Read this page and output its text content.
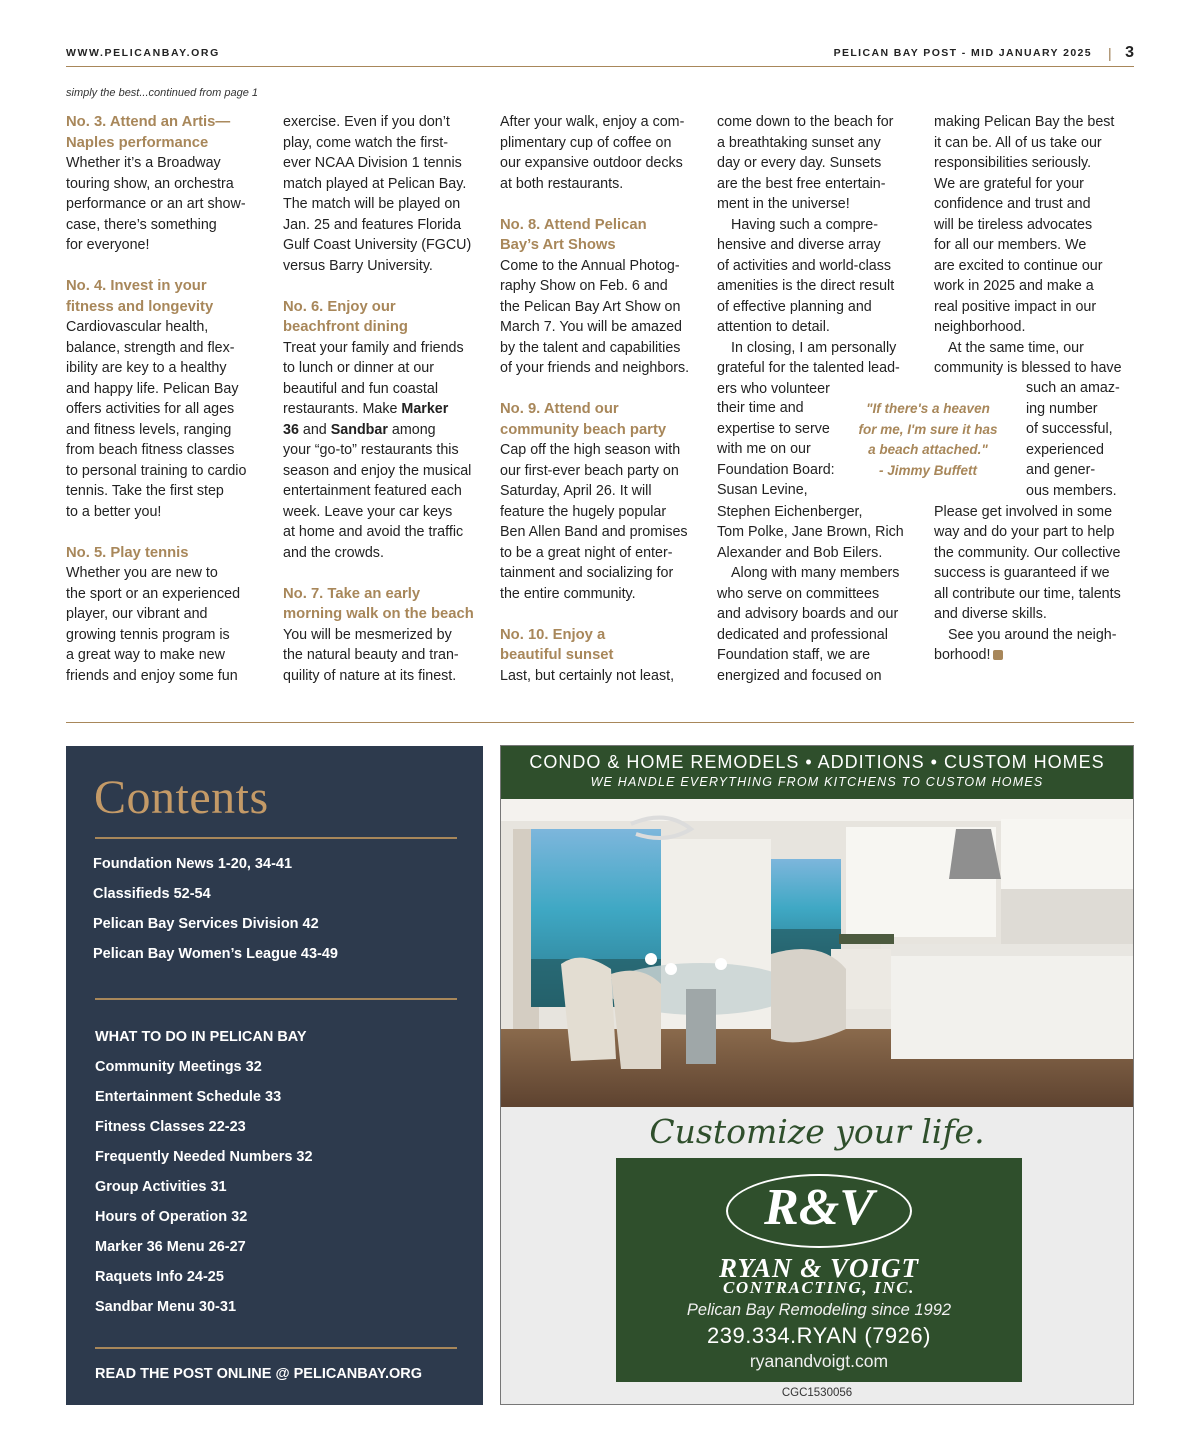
WWW.PELICANBAY.ORG	PELICAN BAY POST - MID JANUARY 2025 | 3
simply the best...continued from page 1
No. 3. Attend an Artis—
Naples performance

Whether it’s a Broadway
touring show, an orchestra
performance or an art show-
case, there’s something
for everyone!

No. 4. Invest in your
fitness and longevity

Cardiovascular health,
balance, strength and flex-
ibility are key to a healthy
and happy life. Pelican Bay
offers activities for all ages
and fitness levels, ranging
from beach fitness classes
to personal training to cardio
tennis. Take the first step
to a better you!

No. 5. Play tennis

Whether you are new to
the sport or an experienced
player, our vibrant and
growing tennis program is
a great way to make new
friends and enjoy some fun

exercise. Even if you don’t
play, come watch the first-
ever NCAA Division 1 tennis
match played at Pelican Bay.
The match will be played on
Jan. 25 and features Florida
Gulf Coast University (FGCU)
versus Barry University.

No. 6. Enjoy our
beachfront dining

Treat your family and friends
to lunch or dinner at our
beautiful and fun coastal
restaurants. Make Marker
36 and Sandbar among
your “go-to” restaurants this
season and enjoy the musical
entertainment featured each
week. Leave your car keys
at home and avoid the traffic
and the crowds.

No. 7. Take an early
morning walk on the beach

You will be mesmerized by
the natural beauty and tran-
quility of nature at its finest.

After your walk, enjoy a com-
plimentary cup of coffee on
our expansive outdoor decks
at both restaurants.

No. 8. Attend Pelican
Bay’s Art Shows

Come to the Annual Photog-
raphy Show on Feb. 6 and
the Pelican Bay Art Show on
March 7. You will be amazed
by the talent and capabilities
of your friends and neighbors.

No. 9. Attend our
community beach party

Cap off the high season with
our first-ever beach party on
Saturday, April 26. It will
feature the hugely popular
Ben Allen Band and promises
to be a great night of enter-
tainment and socializing for
the entire community.

No. 10. Enjoy a
beautiful sunset

Last, but certainly not least,

come down to the beach for
a breathtaking sunset any
day or every day. Sunsets
are the best free entertain-
ment in the universe!

Having such a compre-
hensive and diverse array
of activities and world-class
amenities is the direct result
of effective planning and
attention to detail.

In closing, I am personally
grateful for the talented lead-
ers who volunteer

Stephen Eichenberger,
Tom Polke, Jane Brown, Rich
Alexander and Bob Eilers.

Along with many members
who serve on committees
and advisory boards and our
dedicated and professional
Foundation staff, we are
energized and focused on

their time and
expertise to serve
with me on our
Foundation Board:
Susan Levine,
"If there's a heaven
for me, I'm sure it has
a beach attached."
- Jimmy Buffett

making Pelican Bay the best
it can be. All of us take our
responsibilities seriously.
We are grateful for your
confidence and trust and
will be tireless advocates
for all our members. We
are excited to continue our
work in 2025 and make a
real positive impact in our
neighborhood.

At the same time, our
community is blessed to have

Please get involved in some
way and do your part to help
the community. Our collective
success is guaranteed if we
all contribute our time, talents
and diverse skills.

See you around the neigh-
borhood!

such an amaz-
ing number
of successful,
experienced
and gener-
ous members.
Contents
Foundation News 1-20, 34-41
Classifieds 52-54
Pelican Bay Services Division 42
Pelican Bay Women’s League 43-49
WHAT TO DO IN PELICAN BAY
Community Meetings 32
Entertainment Schedule 33
Fitness Classes 22-23
Frequently Needed Numbers 32
Group Activities 31
Hours of Operation 32
Marker 36 Menu 26-27
Raquets Info 24-25
Sandbar Menu 30-31
READ THE POST ONLINE @ PELICANBAY.ORG
CONDO & HOME REMODELS • ADDITIONS • CUSTOM HOMES
WE HANDLE EVERYTHING FROM KITCHENS TO CUSTOM HOMES
Customize your life.
R&V
RYAN & VOIGT
CONTRACTING, INC.
Pelican Bay Remodeling since 1992
239.334.RYAN (7926)
ryanandvoigt.com
CGC1530056
